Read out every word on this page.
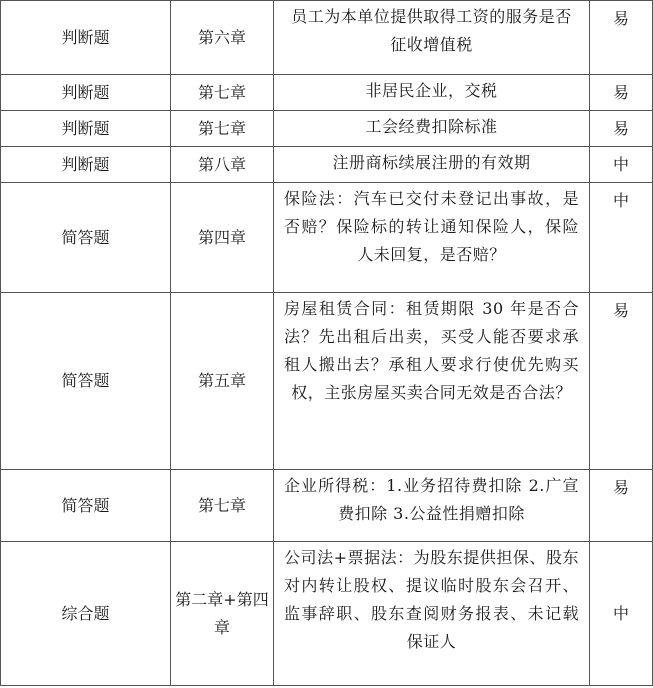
判断题	第六章	员工为本单位提供取得工资的服务是否征收增值税	易
判断题	第七章	非居民企业，交税	易
判断题	第七章	工会经费扣除标准	易
判断题	第八章	注册商标续展注册的有效期	中
简答题	第四章	保险法：汽车已交付未登记出事故，是否赔？保险标的转让通知保险人，保险人未回复，是否赔？	中
简答题	第五章	房屋租赁合同：租赁期限 30 年是否合法？先出租后出卖，买受人能否要求承租人搬出去？承租人要求行使优先购买权，主张房屋买卖合同无效是否合法？	易
简答题	第七章	企业所得税：1.业务招待费扣除 2.广宣费扣除 3.公益性捐赠扣除	易
综合题	第二章+第四章	公司法+票据法：为股东提供担保、股东对内转让股权、提议临时股东会召开、监事辞职、股东查阅财务报表、未记载保证人	中
